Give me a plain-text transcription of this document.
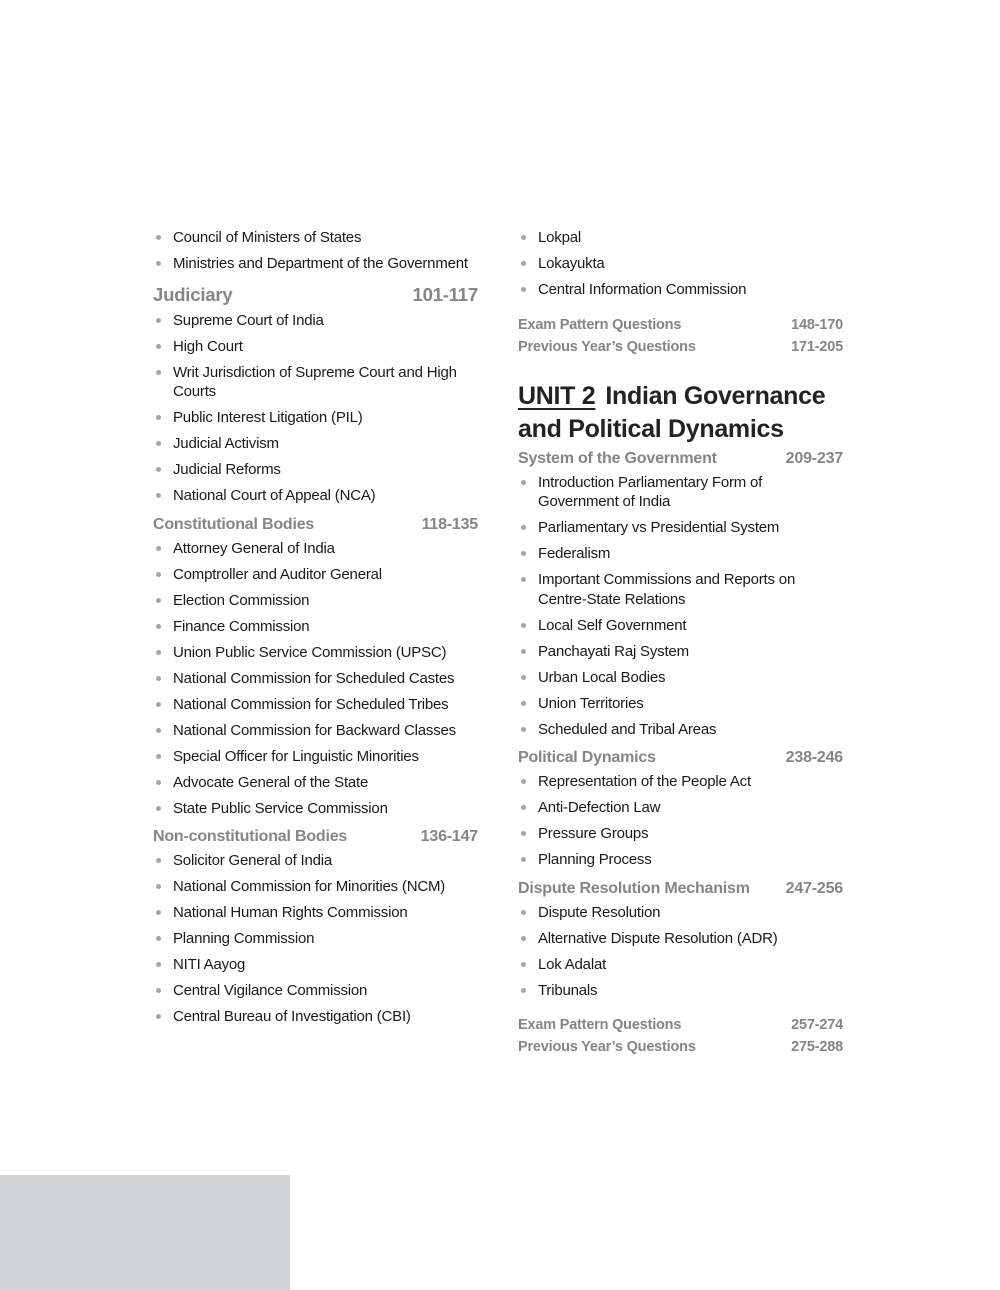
Council of Ministers of States
Ministries and Department of the Government
Judiciary	101-117
Supreme Court of India
High Court
Writ Jurisdiction of Supreme Court and High Courts
Public Interest Litigation (PIL)
Judicial Activism
Judicial Reforms
National Court of Appeal (NCA)
Constitutional Bodies	118-135
Attorney General of India
Comptroller and Auditor General
Election Commission
Finance Commission
Union Public Service Commission (UPSC)
National Commission for Scheduled Castes
National Commission for Scheduled Tribes
National Commission for Backward Classes
Special Officer for Linguistic Minorities
Advocate General of the State
State Public Service Commission
Non-constitutional Bodies	136-147
Solicitor General of India
National Commission for Minorities (NCM)
National Human Rights Commission
Planning Commission
NITI Aayog
Central Vigilance Commission
Central Bureau of Investigation (CBI)
Lokpal
Lokayukta
Central Information Commission
Exam Pattern Questions	148-170
Previous Year’s Questions	171-205
UNIT 2 Indian Governance and Political Dynamics
System of the Government	209-237
Introduction Parliamentary Form of Government of India
Parliamentary vs Presidential System
Federalism
Important Commissions and Reports on Centre-State Relations
Local Self Government
Panchayati Raj System
Urban Local Bodies
Union Territories
Scheduled and Tribal Areas
Political Dynamics	238-246
Representation of the People Act
Anti-Defection Law
Pressure Groups
Planning Process
Dispute Resolution Mechanism 247-256
Dispute Resolution
Alternative Dispute Resolution (ADR)
Lok Adalat
Tribunals
Exam Pattern Questions	257-274
Previous Year’s Questions	275-288
